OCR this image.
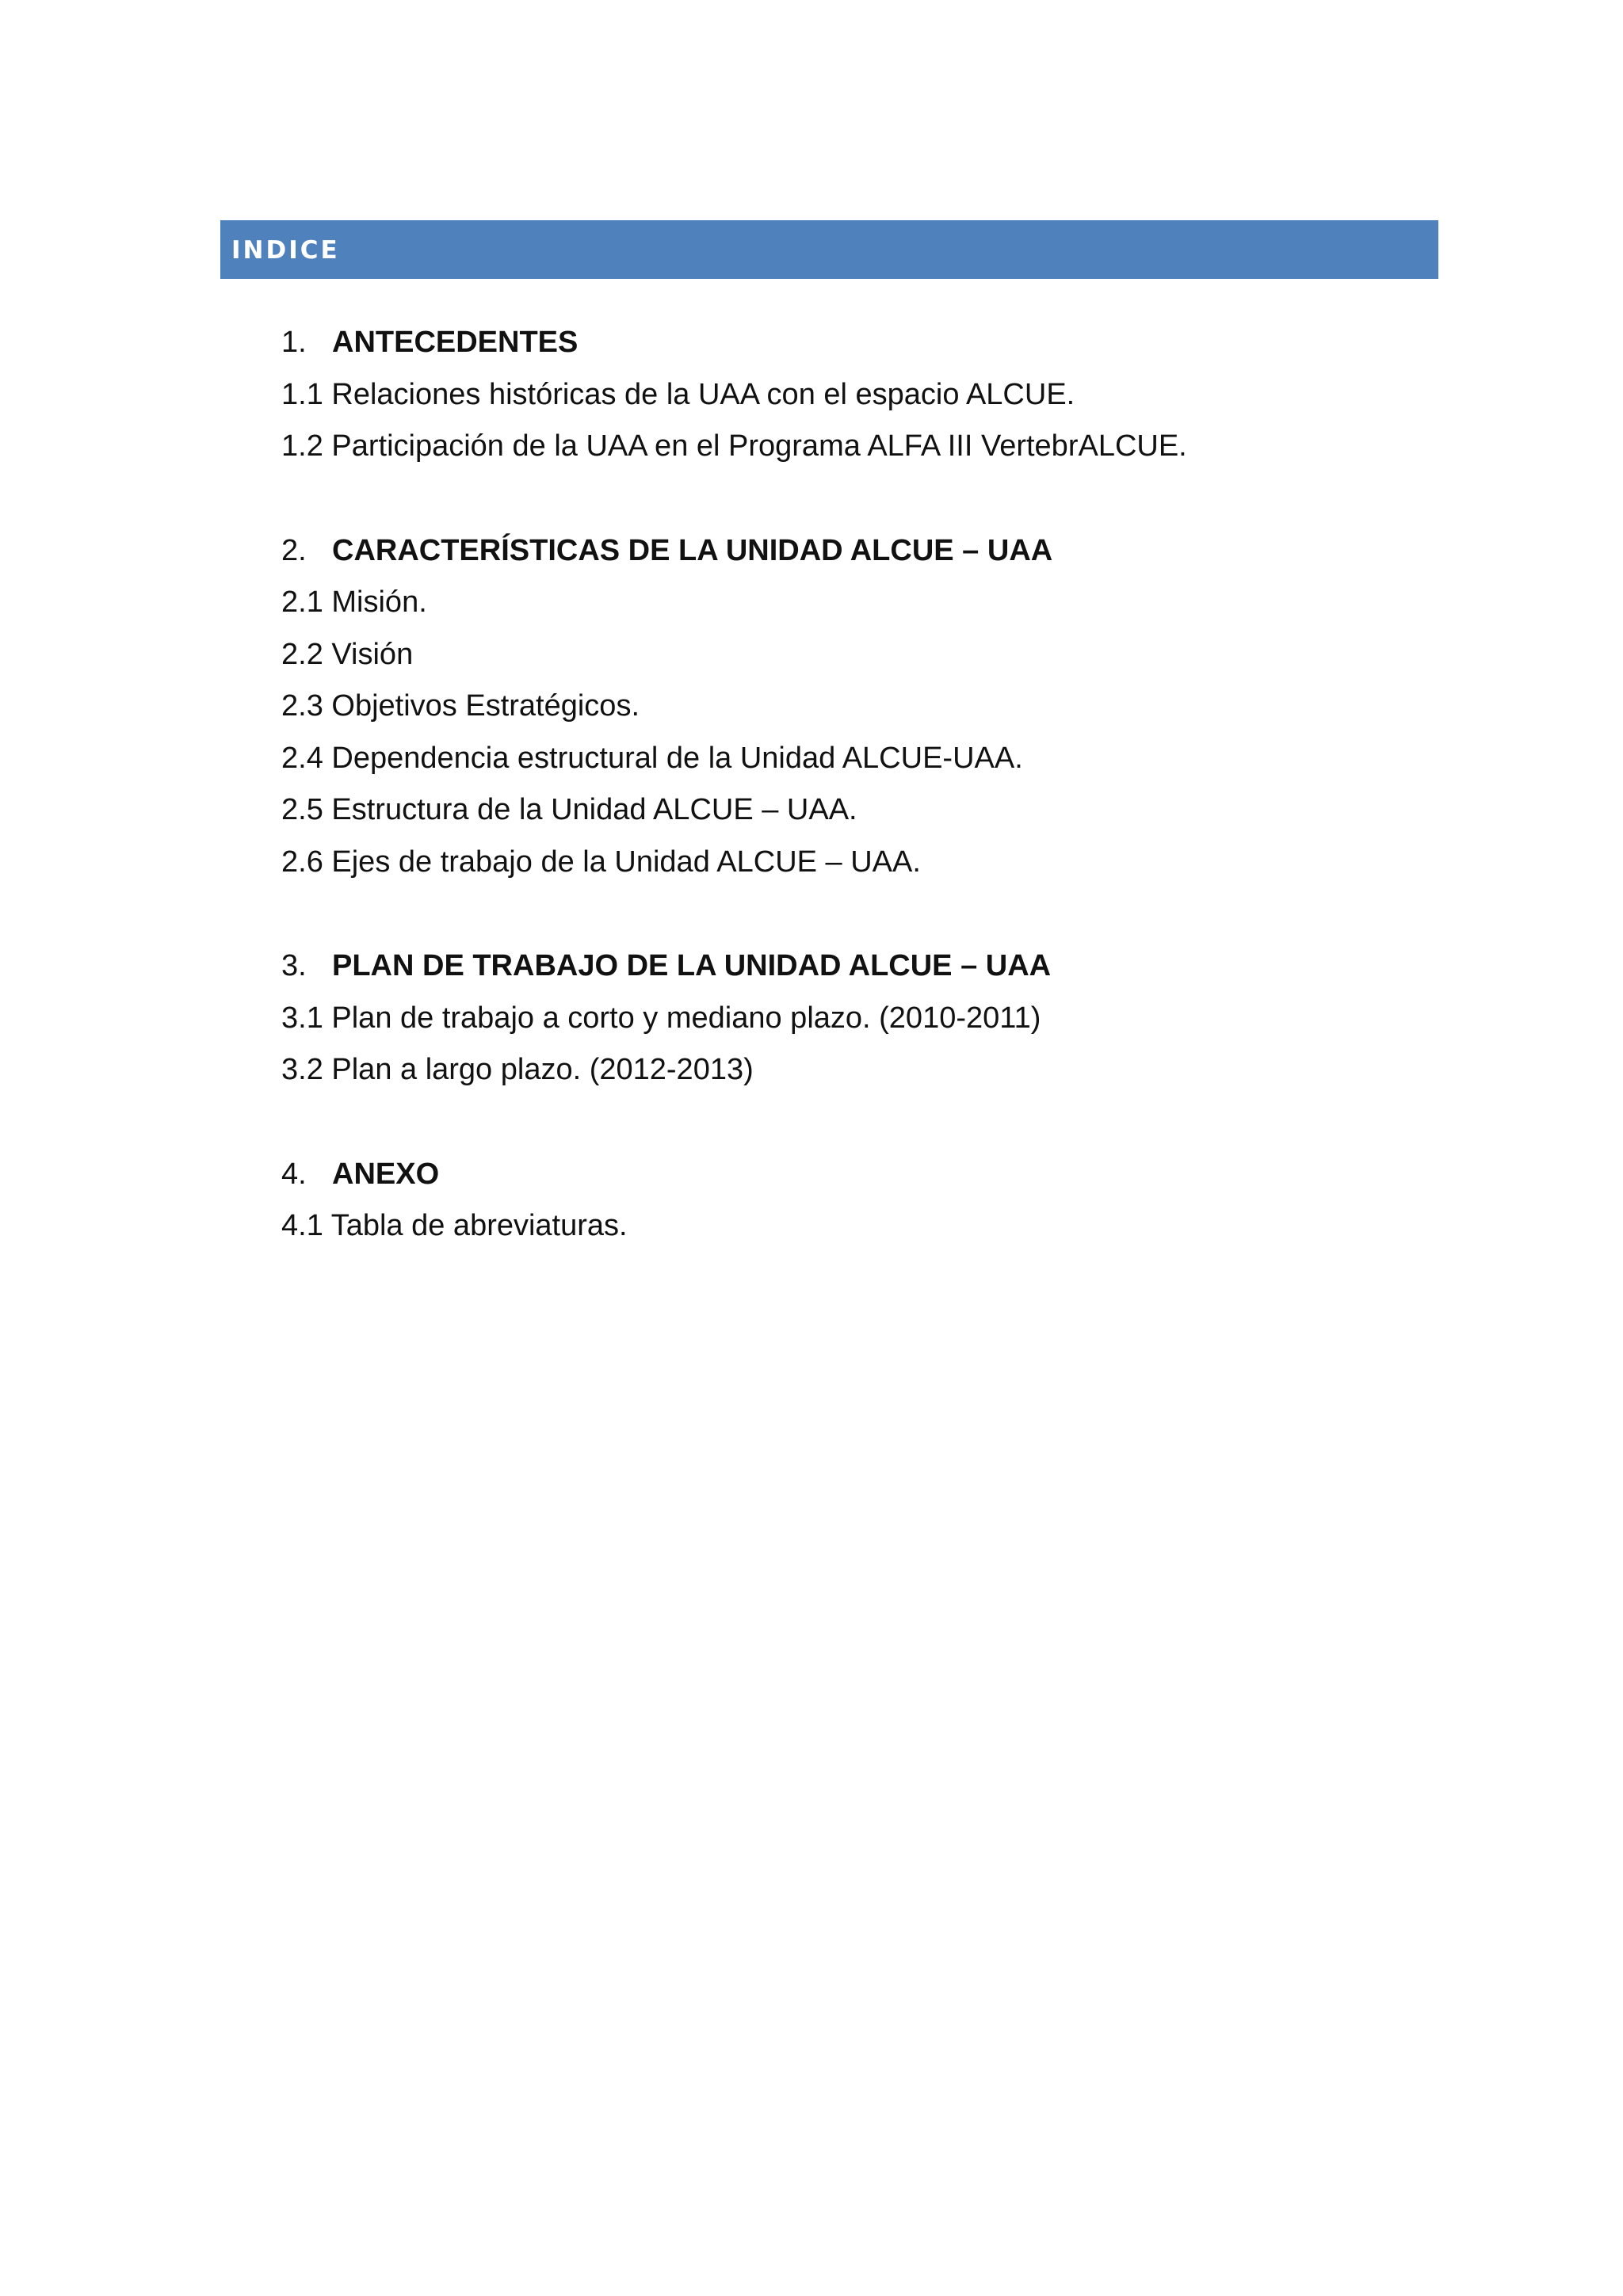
INDICE
1. ANTECEDENTES
1.1 Relaciones históricas de la UAA con el espacio ALCUE.
1.2 Participación de la UAA en el Programa ALFA III VertebrALCUE.
2. CARACTERÍSTICAS DE LA UNIDAD ALCUE – UAA
2.1 Misión.
2.2 Visión
2.3 Objetivos Estratégicos.
2.4 Dependencia estructural de la Unidad ALCUE-UAA.
2.5 Estructura de la Unidad ALCUE – UAA.
2.6 Ejes de trabajo de la Unidad ALCUE – UAA.
3. PLAN DE TRABAJO DE LA UNIDAD ALCUE – UAA
3.1 Plan de trabajo a corto y mediano plazo. (2010-2011)
3.2 Plan a largo plazo. (2012-2013)
4. ANEXO
4.1 Tabla de abreviaturas.
